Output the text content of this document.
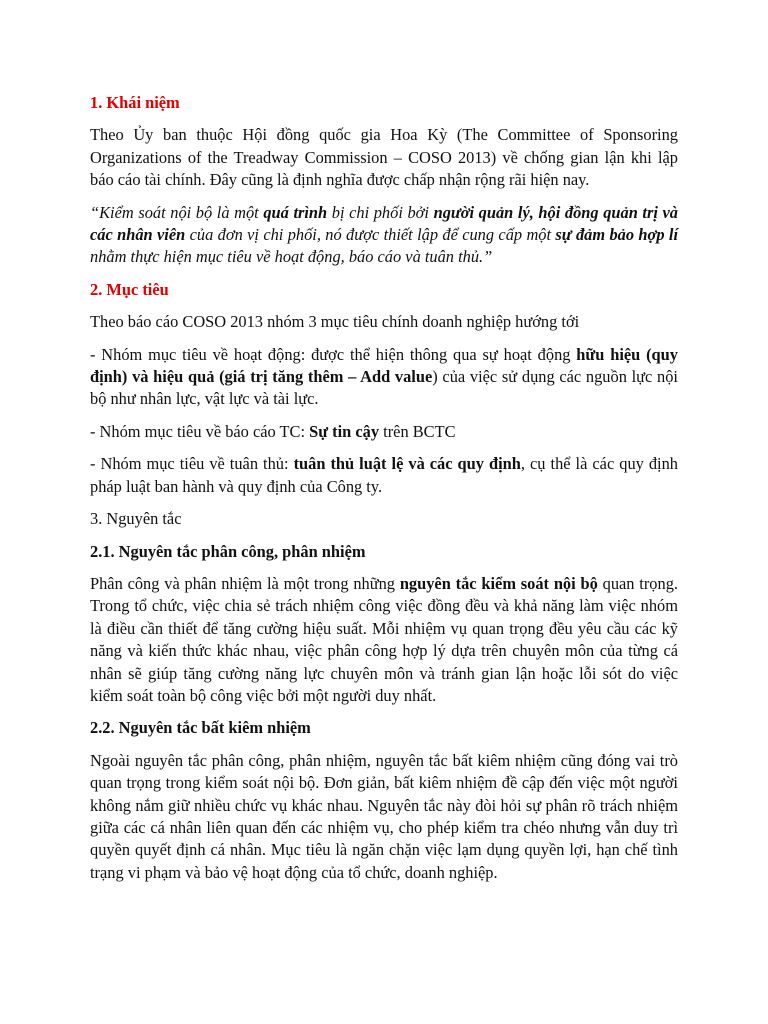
1. Khái niệm

Theo Ủy ban thuộc Hội đồng quốc gia Hoa Kỳ (The Committee of Sponsoring Organizations of the Treadway Commission – COSO 2013) về chống gian lận khi lập báo cáo tài chính. Đây cũng là định nghĩa được chấp nhận rộng rãi hiện nay.

“Kiểm soát nội bộ là một quá trình bị chi phối bởi người quản lý, hội đồng quản trị và các nhân viên của đơn vị chi phối, nó được thiết lập để cung cấp một sự đảm bảo hợp lí nhằm thực hiện mục tiêu về hoạt động, báo cáo và tuân thủ.”

2. Mục tiêu

Theo báo cáo COSO 2013 nhóm 3 mục tiêu chính doanh nghiệp hướng tới

- Nhóm mục tiêu về hoạt động: được thể hiện thông qua sự hoạt động hữu hiệu (quy định) và hiệu quả (giá trị tăng thêm – Add value) của việc sử dụng các nguồn lực nội bộ như nhân lực, vật lực và tài lực.

- Nhóm mục tiêu về báo cáo TC: Sự tin cậy trên BCTC

- Nhóm mục tiêu về tuân thủ: tuân thủ luật lệ và các quy định, cụ thể là các quy định pháp luật ban hành và quy định của Công ty.

3. Nguyên tắc

2.1. Nguyên tắc phân công, phân nhiệm

Phân công và phân nhiệm là một trong những nguyên tắc kiểm soát nội bộ quan trọng. Trong tổ chức, việc chia sẻ trách nhiệm công việc đồng đều và khả năng làm việc nhóm là điều cần thiết để tăng cường hiệu suất. Mỗi nhiệm vụ quan trọng đều yêu cầu các kỹ năng và kiến thức khác nhau, việc phân công hợp lý dựa trên chuyên môn của từng cá nhân sẽ giúp tăng cường năng lực chuyên môn và tránh gian lận hoặc lỗi sót do việc kiểm soát toàn bộ công việc bởi một người duy nhất.

2.2. Nguyên tắc bất kiêm nhiệm

Ngoài nguyên tắc phân công, phân nhiệm, nguyên tắc bất kiêm nhiệm cũng đóng vai trò quan trọng trong kiểm soát nội bộ. Đơn giản, bất kiêm nhiệm đề cập đến việc một người không nắm giữ nhiều chức vụ khác nhau. Nguyên tắc này đòi hỏi sự phân rõ trách nhiệm giữa các cá nhân liên quan đến các nhiệm vụ, cho phép kiểm tra chéo nhưng vẫn duy trì quyền quyết định cá nhân. Mục tiêu là ngăn chặn việc lạm dụng quyền lợi, hạn chế tình trạng vi phạm và bảo vệ hoạt động của tổ chức, doanh nghiệp.
